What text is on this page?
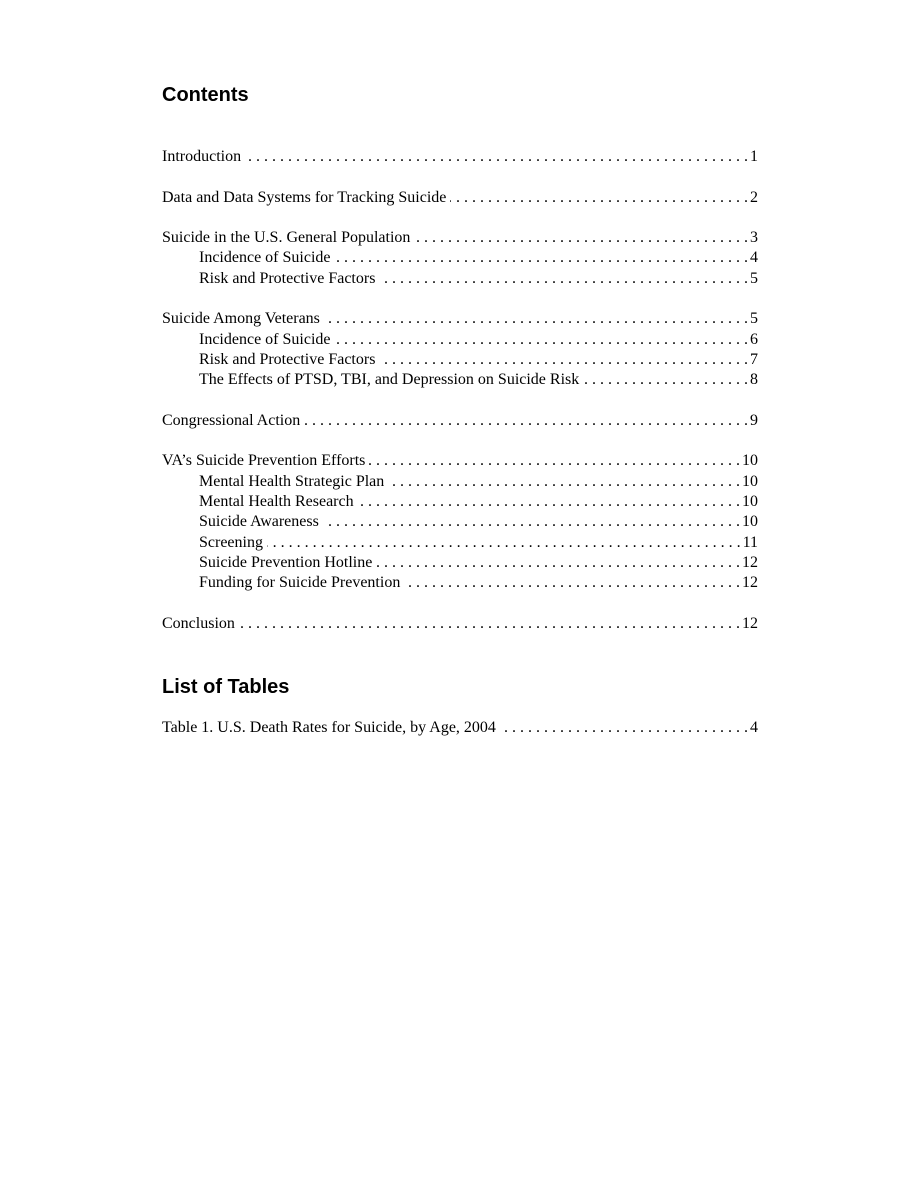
Contents
Introduction . . .	1
Data and Data Systems for Tracking Suicide . . .	2
Suicide in the U.S. General Population . . .	3
Incidence of Suicide . . .	4
Risk and Protective Factors . . .	5
Suicide Among Veterans . . .	5
Incidence of Suicide . . .	6
Risk and Protective Factors . . .	7
The Effects of PTSD, TBI, and Depression on Suicide Risk . . .	8
Congressional Action . . .	9
VA’s Suicide Prevention Efforts . . .	10
Mental Health Strategic Plan . . .	10
Mental Health Research . . .	10
Suicide Awareness . . .	10
Screening . . .	11
Suicide Prevention Hotline . . .	12
Funding for Suicide Prevention . . .	12
Conclusion . . .	12
List of Tables
Table 1. U.S. Death Rates for Suicide, by Age, 2004 . . .	4
